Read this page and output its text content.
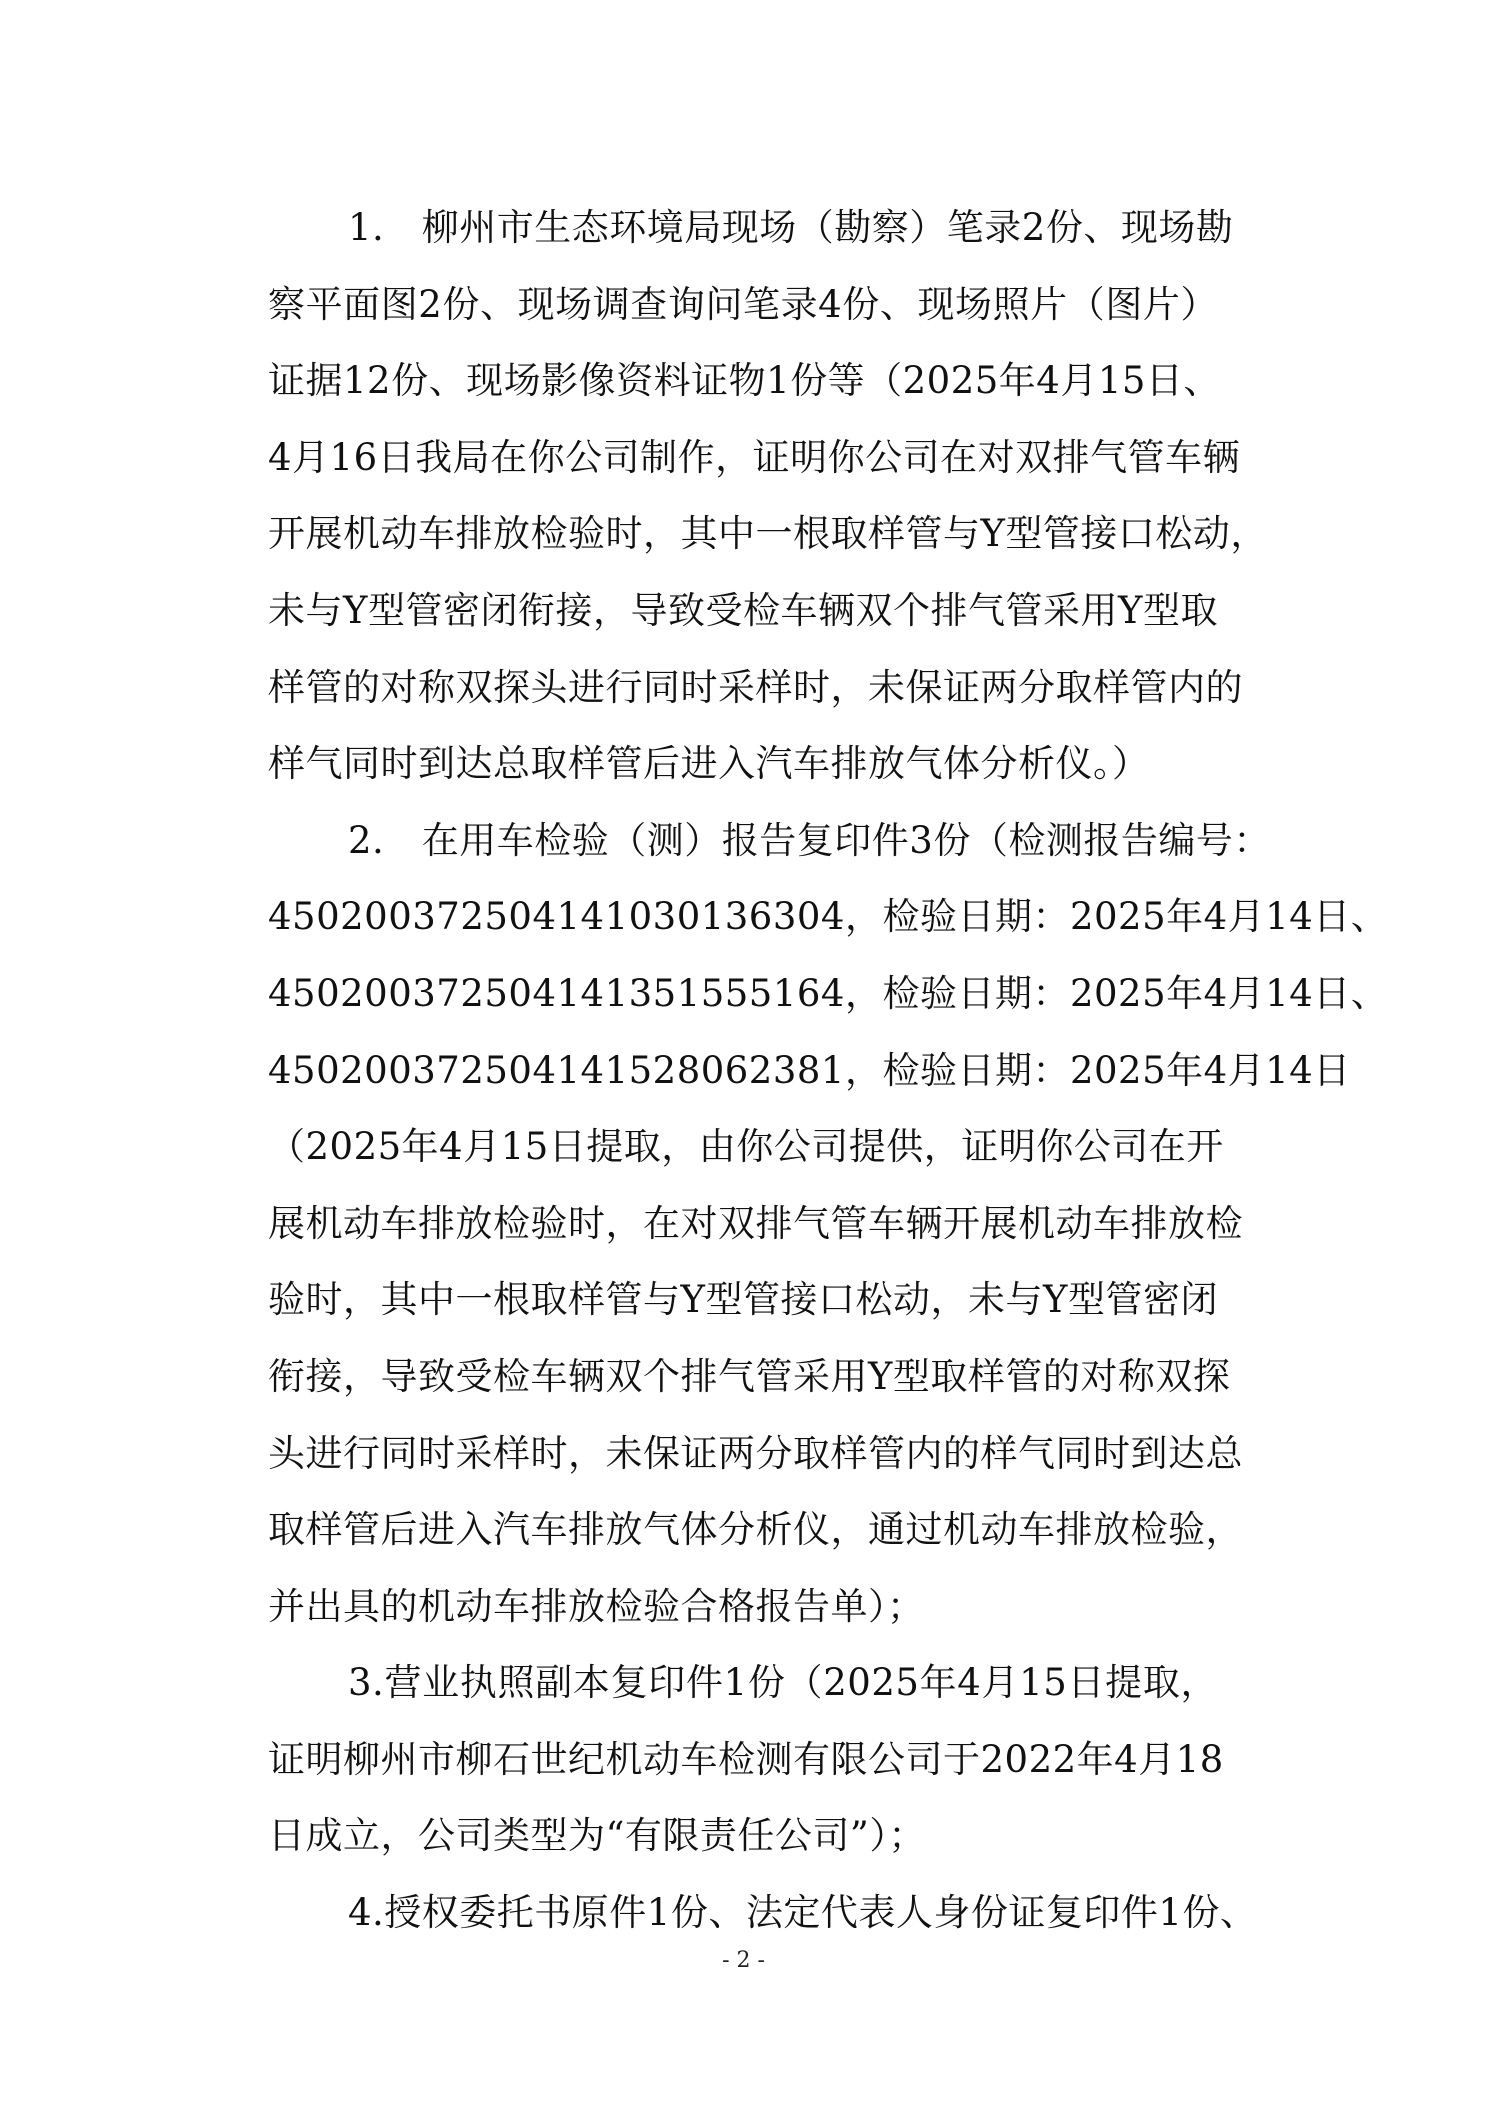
1.　柳州市生态环境局现场（勘察）笔录2份、现场勘
察平面图2份、现场调查询问笔录4份、现场照片（图片）
证据12份、现场影像资料证物1份等（2025年4月15日、
4月16日我局在你公司制作，证明你公司在对双排气管车辆
开展机动车排放检验时，其中一根取样管与Y型管接口松动，
未与Y型管密闭衔接，导致受检车辆双个排气管采用Y型取
样管的对称双探头进行同时采样时，未保证两分取样管内的
样气同时到达总取样管后进入汽车排放气体分析仪。）
2.　在用车检验（测）报告复印件3份（检测报告编号：
45020037250414103013630​4，检验日期：2025年4月14日、
450200372504141351555164，检验日期：2025年4月14日、
450200372504141528062381，检验日期：2025年4月14日
（2025年4月15日提取，由你公司提供，证明你公司在开
展机动车排放检验时，在对双排气管车辆开展机动车排放检
验时，其中一根取样管与Y型管接口松动，未与Y型管密闭
衔接，导致受检车辆双个排气管采用Y型取样管的对称双探
头进行同时采样时，未保证两分取样管内的样气同时到达总
取样管后进入汽车排放气体分析仪，通过机动车排放检验，
并出具的机动车排放检验合格报告单）；
3.营业执照副本复印件1份（2025年4月15日提取，
证明柳州市柳石世纪机动车检测有限公司于2022年4月18
日成立，公司类型为“有限责任公司”）；
4.授权委托书原件1份、法定代表人身份证复印件1份、
- 2 -
